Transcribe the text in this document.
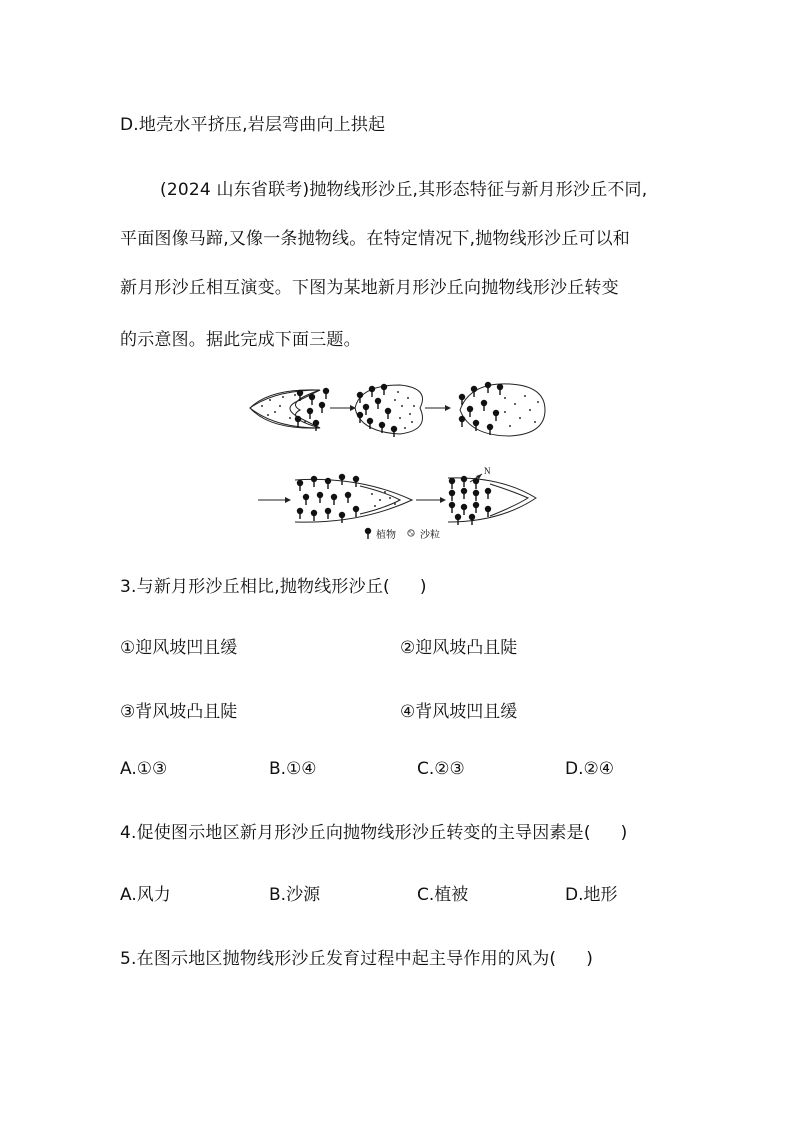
D.地壳水平挤压,岩层弯曲向上拱起
(2024 山东省联考)抛物线形沙丘,其形态特征与新月形沙丘不同,
平面图像马蹄,又像一条抛物线。在特定情况下,抛物线形沙丘可以和
新月形沙丘相互演变。下图为某地新月形沙丘向抛物线形沙丘转变
的示意图。据此完成下面三题。
N
植物 沙粒
3.与新月形沙丘相比,抛物线形沙丘( )
①迎风坡凹且缓	②迎风坡凸且陡
③背风坡凸且陡	④背风坡凹且缓
A.①③	B.①④	C.②③	D.②④
4.促使图示地区新月形沙丘向抛物线形沙丘转变的主导因素是( )
A.风力	B.沙源	C.植被	D.地形
5.在图示地区抛物线形沙丘发育过程中起主导作用的风为( )
